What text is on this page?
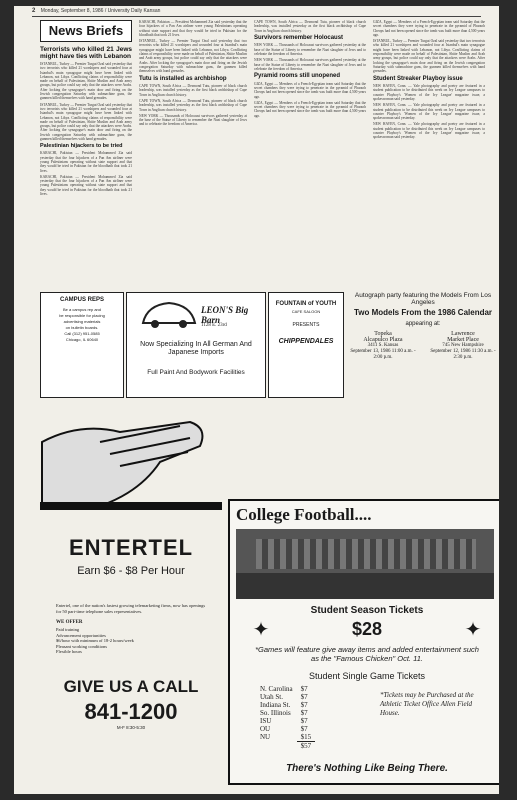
2 Monday, September 8, 1986 / University Daily Kansan
News Briefs
Terrorists who killed 21 Jews might have ties with Lebanon

ISTANBUL, Turkey — Premier Turgut Ozal said yesterday that two terrorists who killed 21 worshipers and wounded four at Istanbul's main synagogue might have been linked with Lebanon, not Libya. Conflicting claims of responsibility were made on behalf of Palestinian, Shiite Muslim and Arab army groups, but police could say only that the attackers were Arabs. After locking the synagogue's main door and firing on the Jewish congregation Saturday with submachine guns, the gunmen killed themselves with hand grenades.

ISTANBUL, Turkey — Premier Turgut Ozal said yesterday that two terrorists who killed 21 worshipers and wounded four at Istanbul's main synagogue might have been linked with Lebanon, not Libya. Conflicting claims of responsibility were made on behalf of Palestinian, Shiite Muslim and Arab army groups, but police could say only that the attackers were Arabs. After locking the synagogue's main door and firing on the Jewish congregation Saturday with submachine guns, the gunmen killed themselves with hand grenades.

Palestinian hijackers to be tried

KARACHI, Pakistan — President Mohammed Zia said yesterday that the four hijackers of a Pan Am airliner were young Palestinians operating without state support and that they would be tried in Pakistan for the bloodbath that took 21 lives.

KARACHI, Pakistan — President Mohammed Zia said yesterday that the four hijackers of a Pan Am airliner were young Palestinians operating without state support and that they would be tried in Pakistan for the bloodbath that took 21 lives.

KARACHI, Pakistan — President Mohammed Zia said yesterday that the four hijackers of a Pan Am airliner were young Palestinians operating without state support and that they would be tried in Pakistan for the bloodbath that took 21 lives.

ISTANBUL, Turkey — Premier Turgut Ozal said yesterday that two terrorists who killed 21 worshipers and wounded four at Istanbul's main synagogue might have been linked with Lebanon, not Libya. Conflicting claims of responsibility were made on behalf of Palestinian, Shiite Muslim and Arab army groups, but police could say only that the attackers were Arabs. After locking the synagogue's main door and firing on the Jewish congregation Saturday with submachine guns, the gunmen killed themselves with hand grenades.

Tutu is installed as archbishop

CAPE TOWN, South Africa — Desmond Tutu, pioneer of black church leadership, was installed yesterday as the first black archbishop of Cape Town in Anglican church history.

CAPE TOWN, South Africa — Desmond Tutu, pioneer of black church leadership, was installed yesterday as the first black archbishop of Cape Town in Anglican church history.

NEW YORK — Thousands of Holocaust survivors gathered yesterday at the base of the Statue of Liberty to remember the Nazi slaughter of Jews and to celebrate the freedom of America.

CAPE TOWN, South Africa — Desmond Tutu, pioneer of black church leadership, was installed yesterday as the first black archbishop of Cape Town in Anglican church history.

Survivors remember Holocaust

NEW YORK — Thousands of Holocaust survivors gathered yesterday at the base of the Statue of Liberty to remember the Nazi slaughter of Jews and to celebrate the freedom of America.

NEW YORK — Thousands of Holocaust survivors gathered yesterday at the base of the Statue of Liberty to remember the Nazi slaughter of Jews and to celebrate the freedom of America.

Pyramid rooms still unopened

GIZA, Egypt — Members of a French-Egyptian team said Saturday that the secret chambers they were trying to penetrate in the pyramid of Pharaoh Cheops had not been opened since the tomb was built more than 4,500 years ago.

GIZA, Egypt — Members of a French-Egyptian team said Saturday that the secret chambers they were trying to penetrate in the pyramid of Pharaoh Cheops had not been opened since the tomb was built more than 4,500 years ago.

GIZA, Egypt — Members of a French-Egyptian team said Saturday that the secret chambers they were trying to penetrate in the pyramid of Pharaoh Cheops had not been opened since the tomb was built more than 4,500 years ago.

ISTANBUL, Turkey — Premier Turgut Ozal said yesterday that two terrorists who killed 21 worshipers and wounded four at Istanbul's main synagogue might have been linked with Lebanon, not Libya. Conflicting claims of responsibility were made on behalf of Palestinian, Shiite Muslim and Arab army groups, but police could say only that the attackers were Arabs. After locking the synagogue's main door and firing on the Jewish congregation Saturday with submachine guns, the gunmen killed themselves with hand grenades.

Student Streaker Playboy issue

NEW HAVEN, Conn. — Yale photography and poetry are featured in a student publication to be distributed this week on Ivy League campuses to counter Playboy's 'Women of the Ivy League' magazine issue, a spokeswoman said yesterday.

NEW HAVEN, Conn. — Yale photography and poetry are featured in a student publication to be distributed this week on Ivy League campuses to counter Playboy's 'Women of the Ivy League' magazine issue, a spokeswoman said yesterday.

NEW HAVEN, Conn. — Yale photography and poetry are featured in a student publication to be distributed this week on Ivy League campuses to counter Playboy's 'Women of the Ivy League' magazine issue, a spokeswoman said yesterday.

CAMPUS REPS
Be a campus rep and
be responsible for placing
advertising materials
on bulletin boards.
Call (312) 951-0585
Chicago, IL 60640
LEON'S Big Barn
1128 E. 23rd
Now Specializing In All German And Japanese Imports
Full Paint And Bodywork Facilities
FOUNTAIN of YOUTH
CAFE SALOON
PRESENTS
CHIPPENDALES
Autograph party featuring the Models From Los Angeles
Two Models From the 1986 Calendar
appearing at:
Topeka
Alcapulco Plaza
3411 S. Kansas
September 13, 1986 11:00 a.m. - 2:00 p.m.
Lawrence
Market Place
745 New Hampshire
September 12, 1986 11:30 a.m. - 2:30 p.m.
ENTERTEL
Earn $6 - $8 Per Hour
Entertel, one of the nation's fastest growing telemarketing firms, now has openings for 50 part-time telephone sales representatives.
WE OFFER
Paid training
Advancement opportunities
$6/hour with minimum of 18-2 hours/week
Pleasant working conditions
Flexible hours
GIVE US A CALL
841-1200
M-F 8:30-5:30
College Football....
Student Season Tickets
✦	$28	✦
*Games will feature give away items and added entertainment such as the "Famous Chicken" Oct. 11.
Student Single Game Tickets
N. Carolina	$7
Utah St.	$7
Indiana St.	$7
So. Illinois	$7
ISU	$7
OU	$7
NU	$15
	$57
*Tickets may be Purchased at the Athletic Ticket Office Allen Field House.
There's Nothing Like Being There.
